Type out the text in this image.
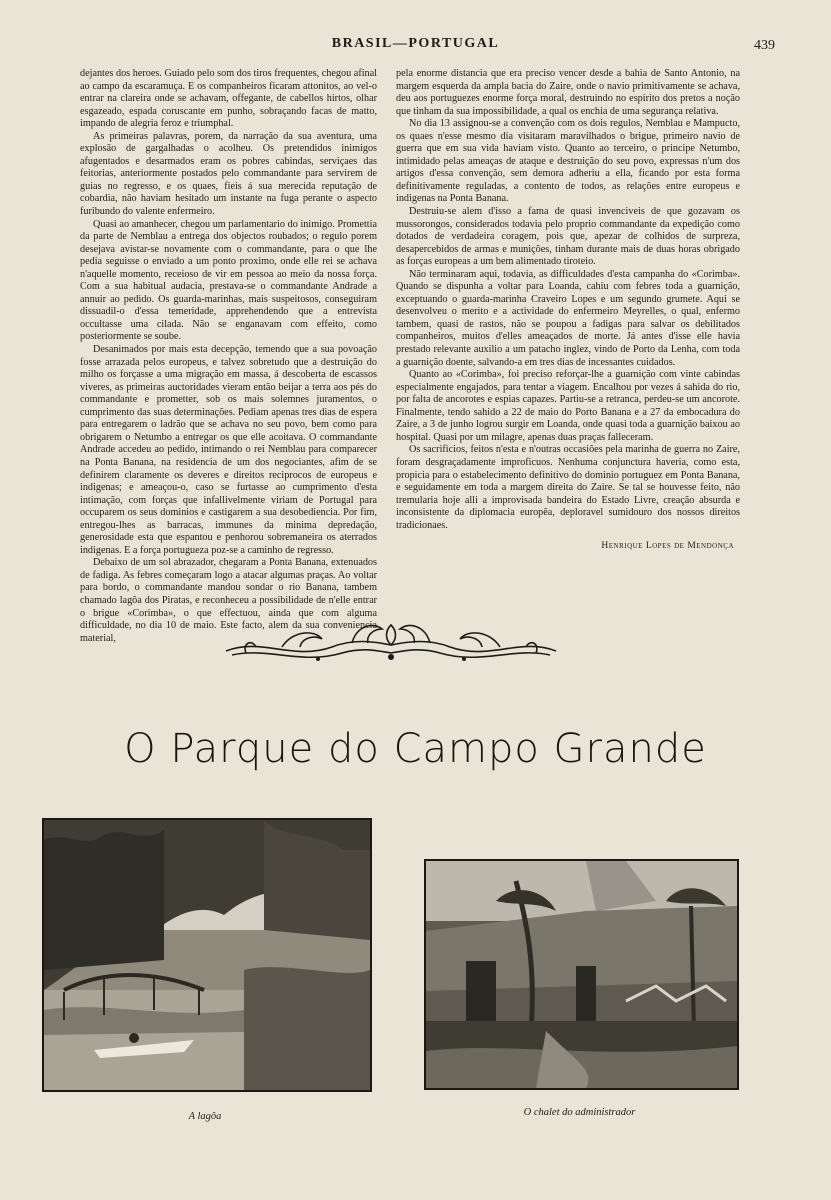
BRASIL—PORTUGAL	439

dejantes dos heroes. Guiado pelo som dos tiros frequentes, chegou afinal ao campo da escaramuça. E os companheiros ficaram attonitos, ao vel-o entrar na clareira onde se achavam, offegante, de cabellos hirtos, olhar esgazeado, espada coruscante em punho, sobraçando facas de matto, impando de alegria feroz e triumphal.

As primeiras palavras, porem, da narração da sua aventura, uma explosão de gargalhadas o acolheu. Os pretendidos inimigos afugentados e desarmados eram os pobres cabindas, serviçaes das feitorias, anteriormente postados pelo commandante para servirem de guias no regresso, e os quaes, fieis á sua merecida reputação de cobardia, não haviam hesitado um instante na fuga perante o aspecto furibundo do valente enfermeiro.

Quasi ao amanhecer, chegou um parlamentario do inimigo. Promettia da parte de Nemblau a entrega dos objectos roubados; o regulo porem desejava avistar-se novamente com o commandante, para o que lhe pedia seguisse o enviado a um ponto proximo, onde elle rei se achava n'aquelle momento, receioso de vir em pessoa ao meio da nossa força. Com a sua habitual audacia, prestava-se o commandante Andrade a annuir ao pedido. Os guarda-marinhas, mais suspeitosos, conseguiram dissuadil-o d'essa temeridade, apprehendendo que a entrevista occultasse uma cilada. Não se enganavam com effeito, como posteriormente se soube.

Desanimados por mais esta decepção, temendo que a sua povoação fosse arrazada pelos europeus, e talvez sobretudo que a destruição do milho os forçasse a uma migração em massa, á descoberta de escassos viveres, as primeiras auctoridades vieram então beijar a terra aos pés do commandante e prometter, sob os mais solemnes juramentos, o cumprimento das suas determinações. Pediam apenas tres dias de espera para entregarem o ladrão que se achava no seu povo, bem como para obrigarem o Netumbo a entregar os que elle acoitava. O commandante Andrade accedeu ao pedido, intimando o rei Nemblau para comparecer na Ponta Banana, na residencia de um dos negociantes, afim de se definirem claramente os deveres e direitos reciprocos de europeus e indigenas; e ameaçou-o, caso se furtasse ao cumprimento d'esta intimação, com forças que infallivelmente viriam de Portugal para occuparem os seus dominios e castigarem a sua desobediencia. Por fim, entregou-lhes as barracas, immunes da minima depredação, generosidade esta que espantou e penhorou sobremaneira os aterrados indigenas. E a força portugueza poz-se a caminho de regresso.

Debaixo de um sol abrazador, chegaram a Ponta Banana, extenuados de fadiga. As febres começaram logo a atacar algumas praças. Ao voltar para bordo, o commandante mandou sondar o rio Banana, tambem chamado lagôa dos Piratas, e reconheceu a possibilidade de n'elle entrar o brigue «Corimba», o que effectuou, ainda que com alguma difficuldade, no dia 10 de maio. Este facto, alem da sua conveniencia material,

pela enorme distancia que era preciso vencer desde a bahia de Santo Antonio, na margem esquerda da ampla bacia do Zaire, onde o navio primitivamente se achava, deu aos portuguezes enorme força moral, destruindo no espirito dos pretos a noção que tinham da sua impossibilidade, a qual os enchia de uma segurança relativa.

No dia 13 assignou-se a convenção com os dois regulos, Nemblau e Mampucto, os quaes n'esse mesmo dia visitaram maravilhados o brigue, primeiro navio de guerra que em sua vida haviam visto. Quanto ao terceiro, o principe Netumbo, intimidado pelas ameaças de ataque e destruição do seu povo, expressas n'um dos artigos d'essa convenção, sem demora adheriu a ella, ficando por esta forma definitivamente reguladas, a contento de todos, as relações entre europeus e indigenas na Ponta Banana.

Destruiu-se alem d'isso a fama de quasi invenciveis de que gozavam os mussorongos, considerados todavia pelo proprio commandante da expedição como dotados de verdadeira coragem, pois que, apezar de colhidos de surpreza, desapercebidos de armas e munições, tinham durante mais de duas horas obrigado as forças europeas a um bem alimentado tiroteio.

Não terminaram aqui, todavia, as difficuldades d'esta campanha do «Corimba». Quando se dispunha a voltar para Loanda, cahiu com febres toda a guarnição, exceptuando o guarda-marinha Craveiro Lopes e um segundo grumete. Aqui se desenvolveu o merito e a actividade do enfermeiro Meyrelles, o qual, enfermo tambem, quasi de rastos, não se poupou a fadigas para salvar os debilitados companheiros, muitos d'elles ameaçados de morte. Já antes d'isse elle havia prestado relevante auxilio a um patacho inglez, vindo de Porto da Lenha, com toda a guarnição doente, salvando-a em tres dias de incessantes cuidados.

Quanto ao «Corimba», foi preciso reforçar-lhe a guarnição com vinte cabindas especialmente engajados, para tentar a viagem. Encalhou por vezes á sahida do rio, por falta de ancorotes e espias capazes. Partiu-se a retranca, perdeu-se um ancorote. Finalmente, tendo sahido a 22 de maio do Porto Banana e a 27 da embocadura do Zaire, a 3 de junho logrou surgir em Loanda, onde quasi toda a guarnição baixou ao hospital. Quasi por um milagre, apenas duas praças falleceram.

Os sacrificios, feitos n'esta e n'outras occasiões pela marinha de guerra no Zaire, foram desgraçadamente improficuos. Nenhuma conjunctura haveria, como esta, propicia para o estabelecimento definitivo do dominio portuguez em Ponta Banana, e seguidamente em toda a margem direita do Zaire. Se tal se houvesse feito, não tremularia hoje alli a improvisada bandeira do Estado Livre, creação absurda e inconsistente da diplomacia europêa, deploravel sumidouro dos nossos direitos tradicionaes.

Henrique Lopes de Mendonça
O Parque do Campo Grande
A lagôa	O chalet do administrador
